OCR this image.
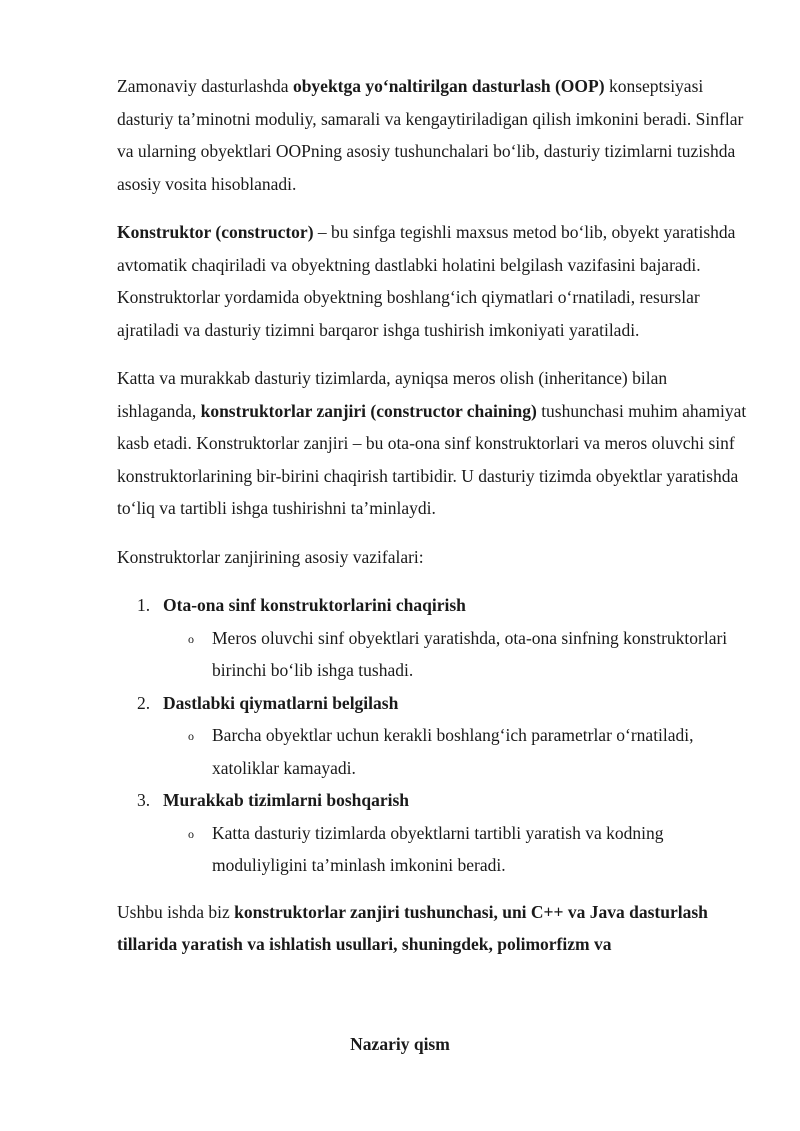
Zamonaviy dasturlashda obyektga yoʻnaltirilgan dasturlash (OOP) konseptsiyasi dasturiy taʼminotni moduliy, samarali va kengaytiriladigan qilish imkonini beradi. Sinflar va ularning obyektlari OOPning asosiy tushunchalari boʻlib, dasturiy tizimlarni tuzishda asosiy vosita hisoblanadi.

Konstruktor (constructor) – bu sinfga tegishli maxsus metod boʻlib, obyekt yaratishda avtomatik chaqiriladi va obyektning dastlabki holatini belgilash vazifasini bajaradi. Konstruktorlar yordamida obyektning boshlangʻich qiymatlari oʻrnatiladi, resurslar ajratiladi va dasturiy tizimni barqaror ishga tushirish imkoniyati yaratiladi.

Katta va murakkab dasturiy tizimlarda, ayniqsa meros olish (inheritance) bilan ishlaganda, konstruktorlar zanjiri (constructor chaining) tushunchasi muhim ahamiyat kasb etadi. Konstruktorlar zanjiri – bu ota-ona sinf konstruktorlari va meros oluvchi sinf konstruktorlarining bir-birini chaqirish tartibidir. U dasturiy tizimda obyektlar yaratishda toʻliq va tartibli ishga tushirishni taʼminlaydi.

Konstruktorlar zanjirining asosiy vazifalari:

1. Ota-ona sinf konstruktorlarini chaqirish
o Meros oluvchi sinf obyektlari yaratishda, ota-ona sinfning konstruktorlari birinchi boʻlib ishga tushadi.
2. Dastlabki qiymatlarni belgilash
o Barcha obyektlar uchun kerakli boshlangʻich parametrlar oʻrnatiladi, xatoliklar kamayadi.
3. Murakkab tizimlarni boshqarish
o Katta dasturiy tizimlarda obyektlarni tartibli yaratish va kodning moduliyligini taʼminlash imkonini beradi.

Ushbu ishda biz konstruktorlar zanjiri tushunchasi, uni C++ va Java dasturlash tillarida yaratish va ishlatish usullari, shuningdek, polimorfizm va

Nazariy qism
